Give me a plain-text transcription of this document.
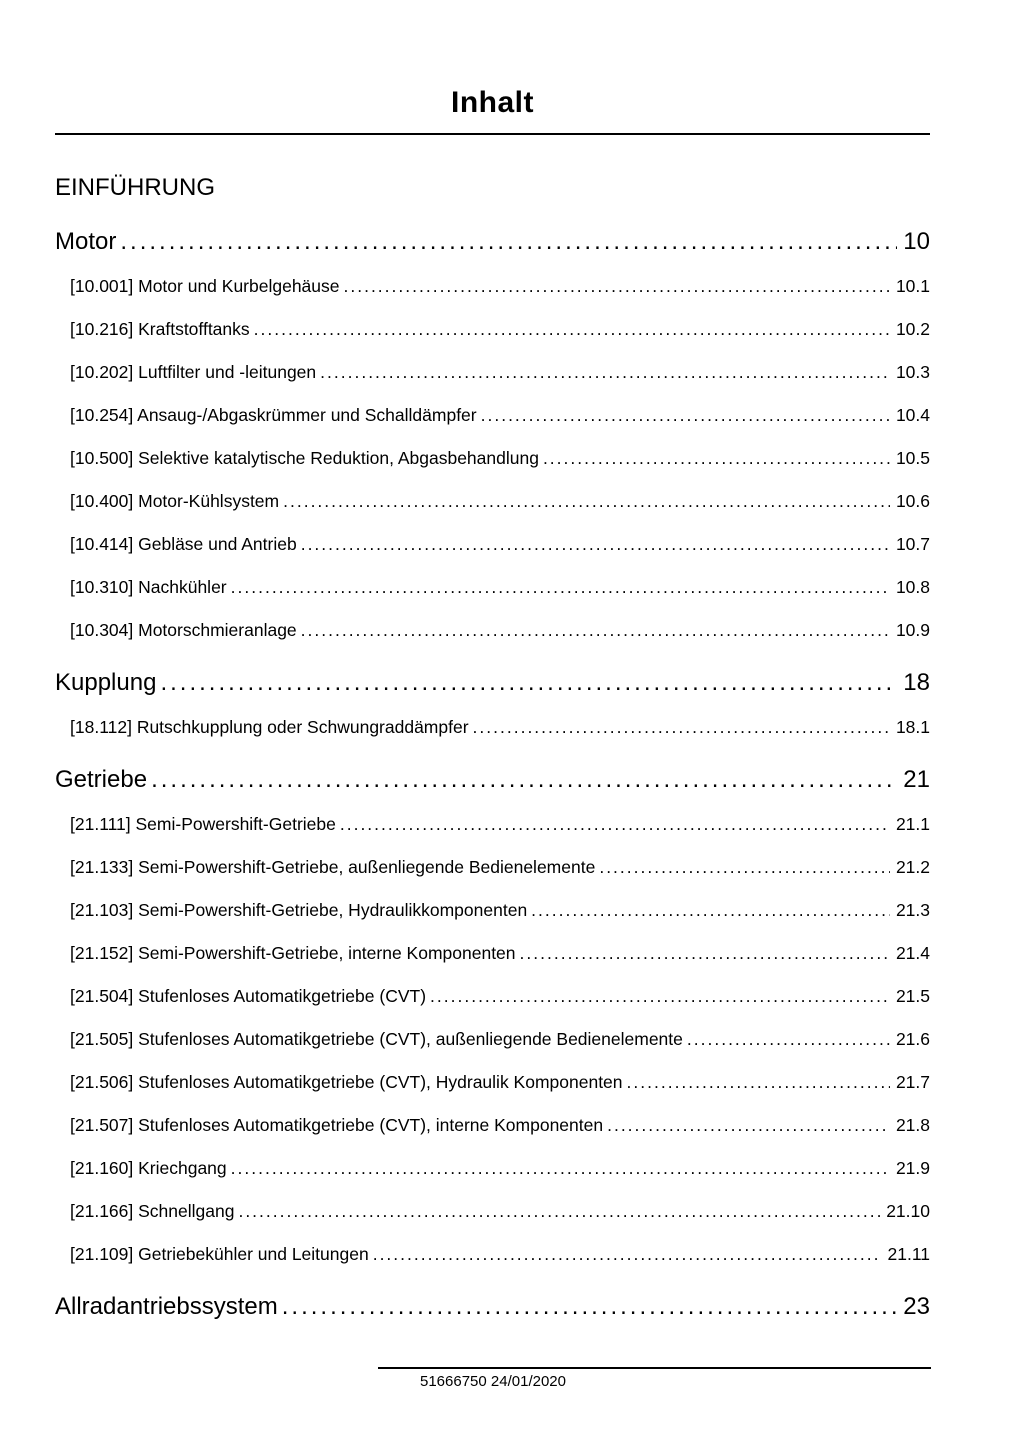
Inhalt
EINFÜHRUNG
Motor .....	10
[10.001] Motor und Kurbelgehäuse .....	10.1
[10.216] Kraftstofftanks .....	10.2
[10.202] Luftfilter und -leitungen .....	10.3
[10.254] Ansaug-/Abgaskrümmer und Schalldämpfer .....	10.4
[10.500] Selektive katalytische Reduktion, Abgasbehandlung .....	10.5
[10.400] Motor-Kühlsystem .....	10.6
[10.414] Gebläse und Antrieb .....	10.7
[10.310] Nachkühler .....	10.8
[10.304] Motorschmieranlage .....	10.9
Kupplung .....	18
[18.112] Rutschkupplung oder Schwungraddämpfer .....	18.1
Getriebe .....	21
[21.111] Semi-Powershift-Getriebe .....	21.1
[21.133] Semi-Powershift-Getriebe, außenliegende Bedienelemente .....	21.2
[21.103] Semi-Powershift-Getriebe, Hydraulikkomponenten .....	21.3
[21.152] Semi-Powershift-Getriebe, interne Komponenten .....	21.4
[21.504] Stufenloses Automatikgetriebe (CVT) .....	21.5
[21.505] Stufenloses Automatikgetriebe (CVT), außenliegende Bedienelemente .....	21.6
[21.506] Stufenloses Automatikgetriebe (CVT), Hydraulik Komponenten .....	21.7
[21.507] Stufenloses Automatikgetriebe (CVT), interne Komponenten .....	21.8
[21.160] Kriechgang .....	21.9
[21.166] Schnellgang .....	21.10
[21.109] Getriebekühler und Leitungen .....	21.11
Allradantriebssystem .....	23
51666750 24/01/2020
